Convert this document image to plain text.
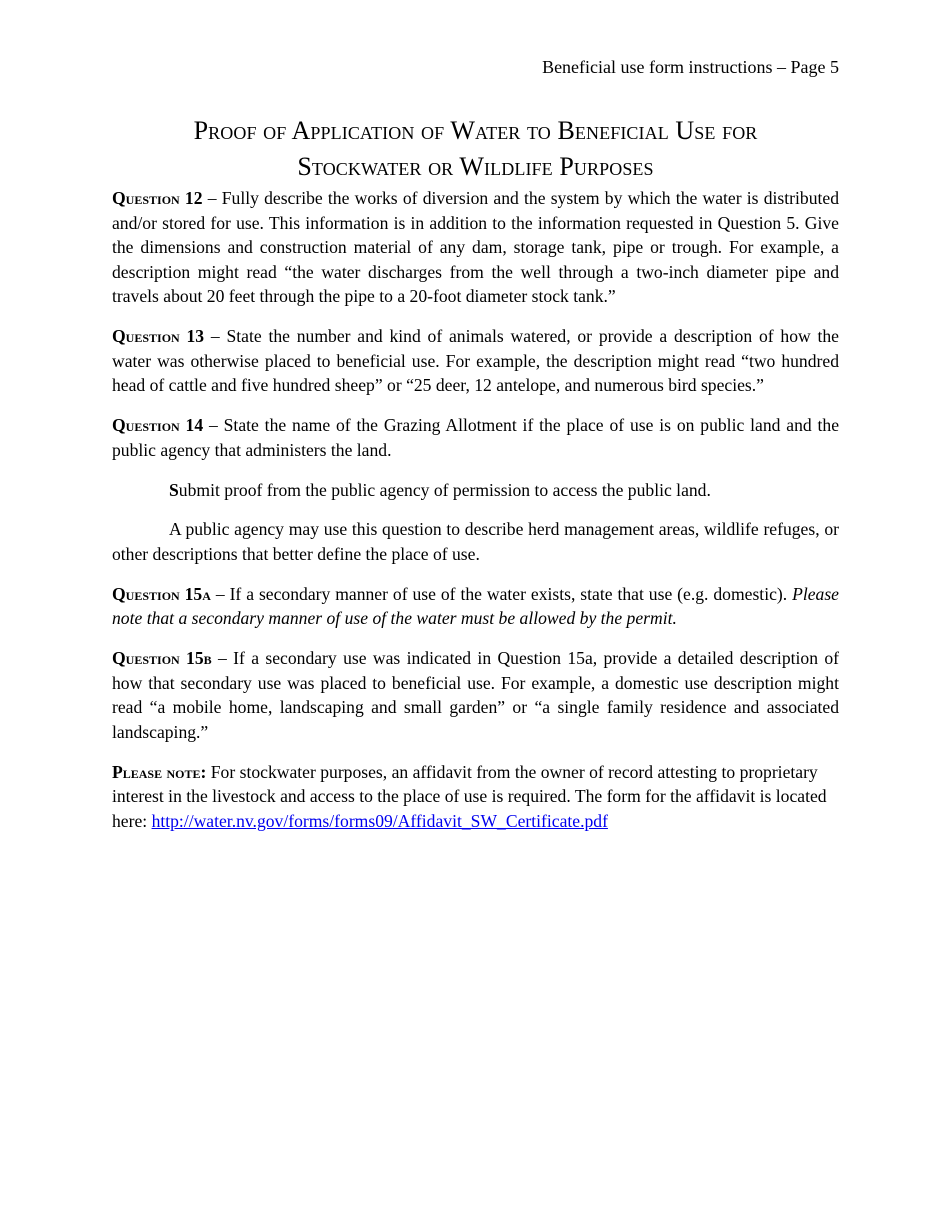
Beneficial use form instructions – Page 5
Proof of Application of Water to Beneficial Use for
Stockwater or Wildlife Purposes

Question 12 – Fully describe the works of diversion and the system by which the water is distributed and/or stored for use. This information is in addition to the information requested in Question 5. Give the dimensions and construction material of any dam, storage tank, pipe or trough. For example, a description might read “the water discharges from the well through a two-inch diameter pipe and travels about 20 feet through the pipe to a 20-foot diameter stock tank.”

Question 13 – State the number and kind of animals watered, or provide a description of how the water was otherwise placed to beneficial use. For example, the description might read “two hundred head of cattle and five hundred sheep” or “25 deer, 12 antelope, and numerous bird species.”

Question 14 – State the name of the Grazing Allotment if the place of use is on public land and the public agency that administers the land.

Submit proof from the public agency of permission to access the public land.

A public agency may use this question to describe herd management areas, wildlife refuges, or other descriptions that better define the place of use.

Question 15a – If a secondary manner of use of the water exists, state that use (e.g. domestic). Please note that a secondary manner of use of the water must be allowed by the permit.

Question 15b – If a secondary use was indicated in Question 15a, provide a detailed description of how that secondary use was placed to beneficial use. For example, a domestic use description might read “a mobile home, landscaping and small garden” or “a single family residence and associated landscaping.”

Please note: For stockwater purposes, an affidavit from the owner of record attesting to proprietary interest in the livestock and access to the place of use is required. The form for the affidavit is located here: http://water.nv.gov/forms/forms09/Affidavit_SW_Certificate.pdf
